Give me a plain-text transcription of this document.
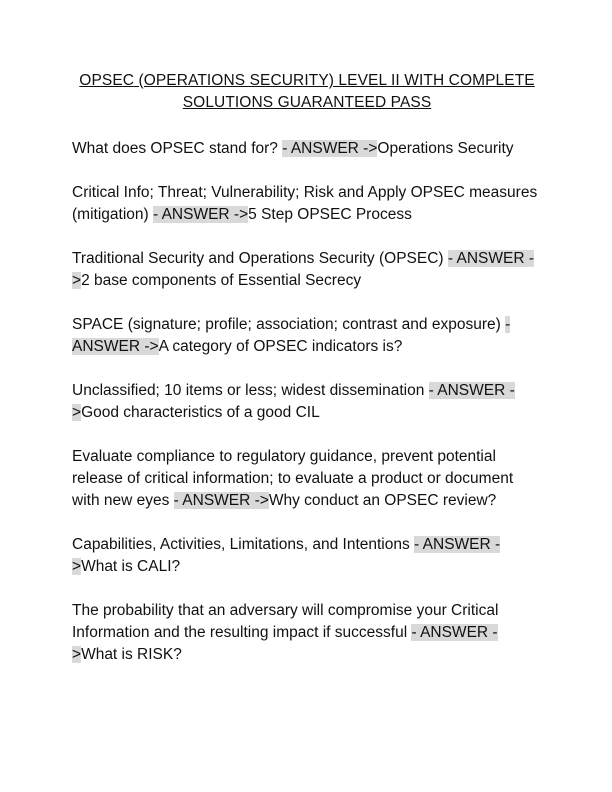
OPSEC (OPERATIONS SECURITY) LEVEL II WITH COMPLETE
SOLUTIONS GUARANTEED PASS

What does OPSEC stand for? - ANSWER ->Operations Security

Critical Info; Threat; Vulnerability; Risk and Apply OPSEC measures (mitigation) - ANSWER ->5 Step OPSEC Process

Traditional Security and Operations Security (OPSEC) - ANSWER ->2 base components of Essential Secrecy

SPACE (signature; profile; association; contrast and exposure) - ANSWER ->A category of OPSEC indicators is?

Unclassified; 10 items or less; widest dissemination - ANSWER ->Good characteristics of a good CIL

Evaluate compliance to regulatory guidance, prevent potential release of critical information; to evaluate a product or document with new eyes - ANSWER ->Why conduct an OPSEC review?

Capabilities, Activities, Limitations, and Intentions - ANSWER ->What is CALI?

The probability that an adversary will compromise your Critical Information and the resulting impact if successful - ANSWER ->What is RISK?
